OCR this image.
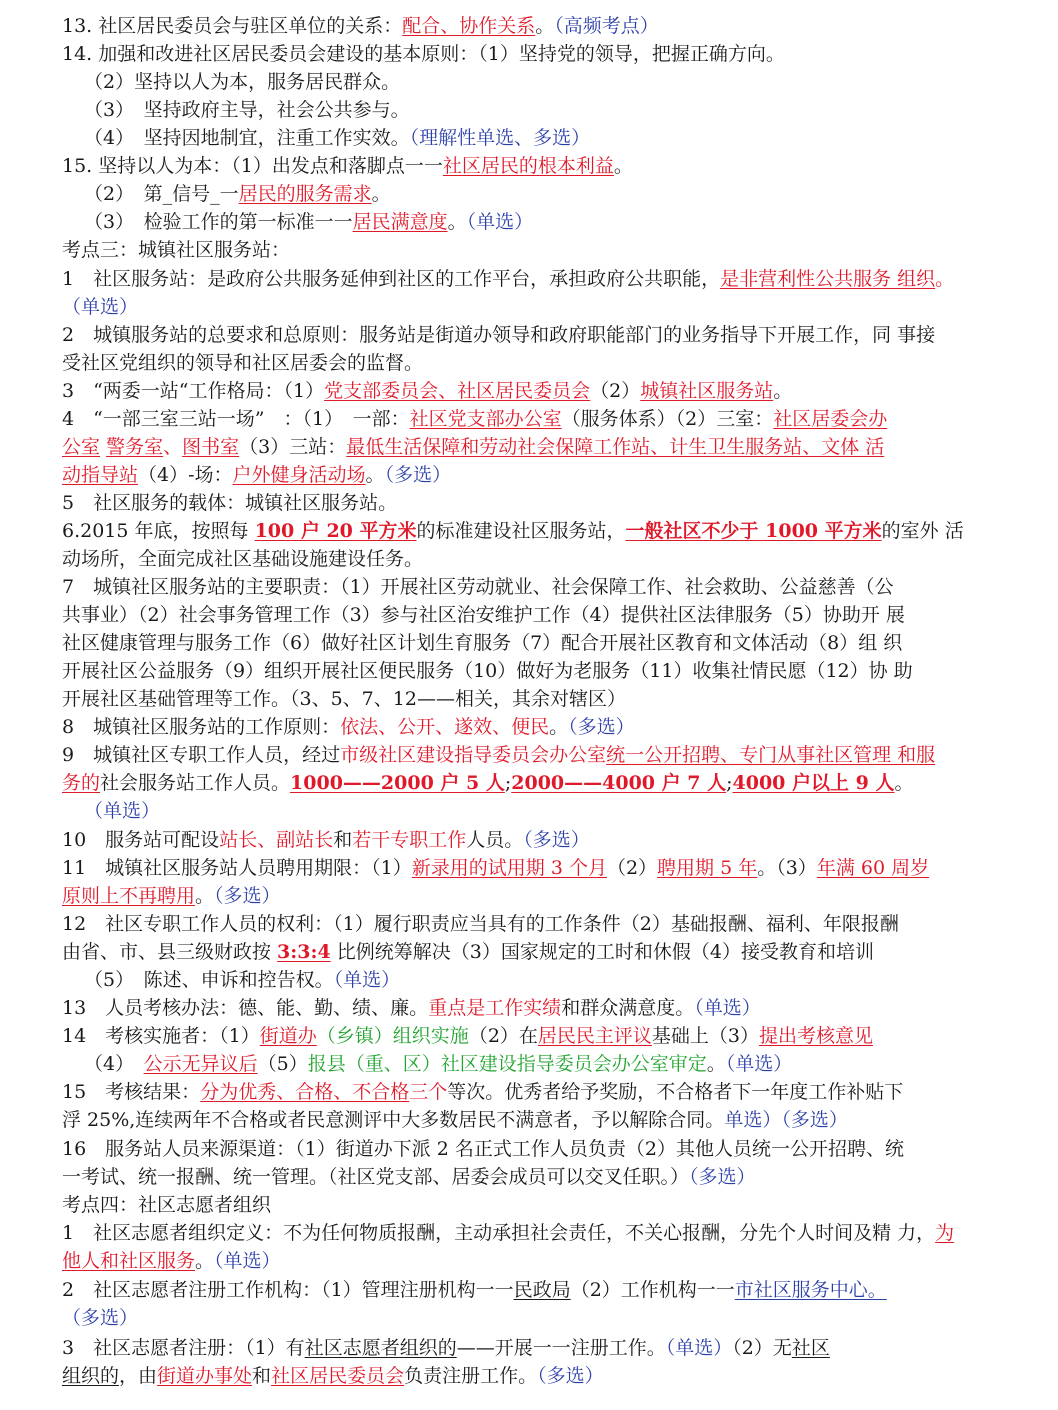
13. 社区居民委员会与驻区单位的关系：配合、协作关系。（高频考点）
14. 加强和改进社区居民委员会建设的基本原则：（1）坚持党的领导，把握正确方向。
（2）坚持以人为本，服务居民群众。
（3）　坚持政府主导，社会公共参与。
（4）　坚持因地制宜，注重工作实效。（理解性单选、多选）
15. 坚持以人为本：（1）出发点和落脚点一一社区居民的根本利益。
（2）　第_信号_一居民的服务需求。
（3）　检验工作的第一标准一一居民满意度。（单选）
考点三：城镇社区服务站：
1　社区服务站：是政府公共服务延伸到社区的工作平台，承担政府公共职能，是非营利性公共服务 组织。
（单选）
2　城镇服务站的总要求和总原则：服务站是街道办领导和政府职能部门的业务指导下开展工作，同 事接
受社区党组织的领导和社区居委会的监督。
3　“两委一站“工作格局：（1）党支部委员会、社区居民委员会（2）城镇社区服务站。
4　“一部三室三站一场”　：（1）　一部：社区党支部办公室（服务体系）（2）三室：社区居委会办
公室 警务室、图书室（3）三站：最低生活保障和劳动社会保障工作站、计生卫生服务站、文体 活
动指导站（4）-场：户外健身活动场。（多选）
5　社区服务的载体：城镇社区服务站。
6.2015 年底，按照每 100 户 20 平方米的标准建设社区服务站，一般社区不少于 1000 平方米的室外 活
动场所，全面完成社区基础设施建设任务。
7　城镇社区服务站的主要职责：（1）开展社区劳动就业、社会保障工作、社会救助、公益慈善（公
共事业）（2）社会事务管理工作（3）参与社区治安维护工作（4）提供社区法律服务（5）协助开 展
社区健康管理与服务工作（6）做好社区计划生育服务（7）配合开展社区教育和文体活动（8）组 织
开展社区公益服务（9）组织开展社区便民服务（10）做好为老服务（11）收集社情民愿（12）协 助
开展社区基础管理等工作。（3、5、7、12——相关，其余对辖区）
8　城镇社区服务站的工作原则：依法、公开、遂效、便民。（多选）
9　城镇社区专职工作人员，经过市级社区建设指导委员会办公室统一公开招聘、专门从事社区管理 和服
务的社会服务站工作人员。1000——2000 户 5 人;2000——4000 户 7 人;4000 户以上 9 人。
（单选）
10　服务站可配设站长、副站长和若干专职工作人员。（多选）
11　城镇社区服务站人员聘用期限：（1）新录用的试用期 3 个月（2）聘用期 5 年。（3）年满 60 周岁
原则上不再聘用。（多选）
12　社区专职工作人员的权利：（1）履行职责应当具有的工作条件（2）基础报酬、福利、年限报酬
由省、市、县三级财政按 3:3:4 比例统筹解决（3）国家规定的工时和休假（4）接受教育和培训
（5）　陈述、申诉和控告权。（单选）
13　人员考核办法：德、能、勤、绩、廉。重点是工作实绩和群众满意度。（单选）
14　考核实施者：（1）街道办（乡镇）组织实施（2）在居民民主评议基础上（3）提出考核意见
（4）　公示无异议后（5）报县（重、区）社区建设指导委员会办公室审定。（单选）
15　考核结果：分为优秀、合格、不合格三个等次。优秀者给予奖励，不合格者下一年度工作补贴下
浮 25%,连续两年不合格或者民意测评中大多数居民不满意者，予以解除合同。单选）（多选）
16　服务站人员来源渠道：（1）街道办下派 2 名正式工作人员负责（2）其他人员统一公开招聘、统
一考试、统一报酬、统一管理。（社区党支部、居委会成员可以交叉任职。）（多选）
考点四：社区志愿者组织
1　社区志愿者组织定义：不为任何物质报酬，主动承担社会责任，不关心报酬，分先个人时间及精 力，为
他人和社区服务。（单选）
2　社区志愿者注册工作机构：（1）管理注册机构一一民政局（2）工作机构一一市社区服务中心。
（多选）
3　社区志愿者注册：（1）有社区志愿者组织的——开展一一注册工作。（单选）（2）无社区
组织的，由街道办事处和社区居民委员会负责注册工作。（多选）
